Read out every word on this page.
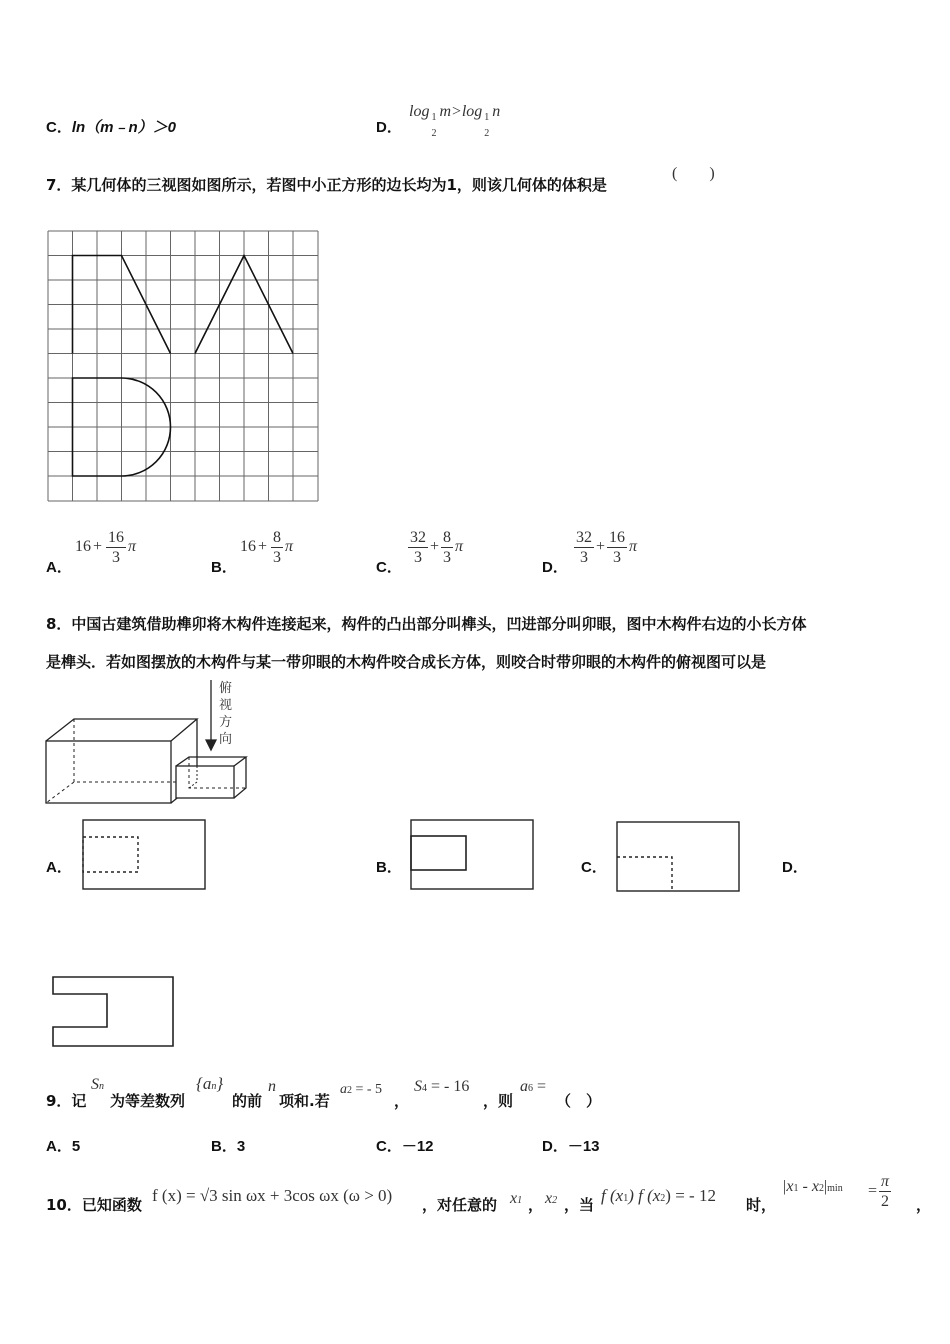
C．ln（m﹣n）＞0	D．
log 1
2
m>log 1
2
n
7．某几何体的三视图如图所示，若图中小正方形的边长均为1，则该几何体的体积是
(　　)
A．
$16 + \frac{16}{3}$ π
B．
$16 + \frac{8}{3}$ π
C．
$\frac{32}{3} + \frac{8}{3}$ π
D．
$\frac{32}{3} + \frac{16}{3}$ π
8．中国古建筑借助榫卯将木构件连接起来，构件的凸出部分叫榫头，凹进部分叫卯眼，图中木构件右边的小长方体
是榫头．若如图摆放的木构件与某一带卯眼的木构件咬合成长方体，则咬合时带卯眼的木构件的俯视图可以是
俯
视
方
向
A．	B．	C．	D．
9．记
Sn
为等差数列
{an}
的前
n
项和.若
a2 = - 5
，
S4 = - 16
，则
a6 =
（　）
A．5	B．3	C．－12	D．－13
10．已知函数 f (x) = √3 sin ωx + 3cos ωx (ω > 0) ，对任意的 x1 ， x2 ，当 f (x1) f (x2) = - 12 时，
$|x1 - x2|\min = \frac{\pi}{2}$ ，
